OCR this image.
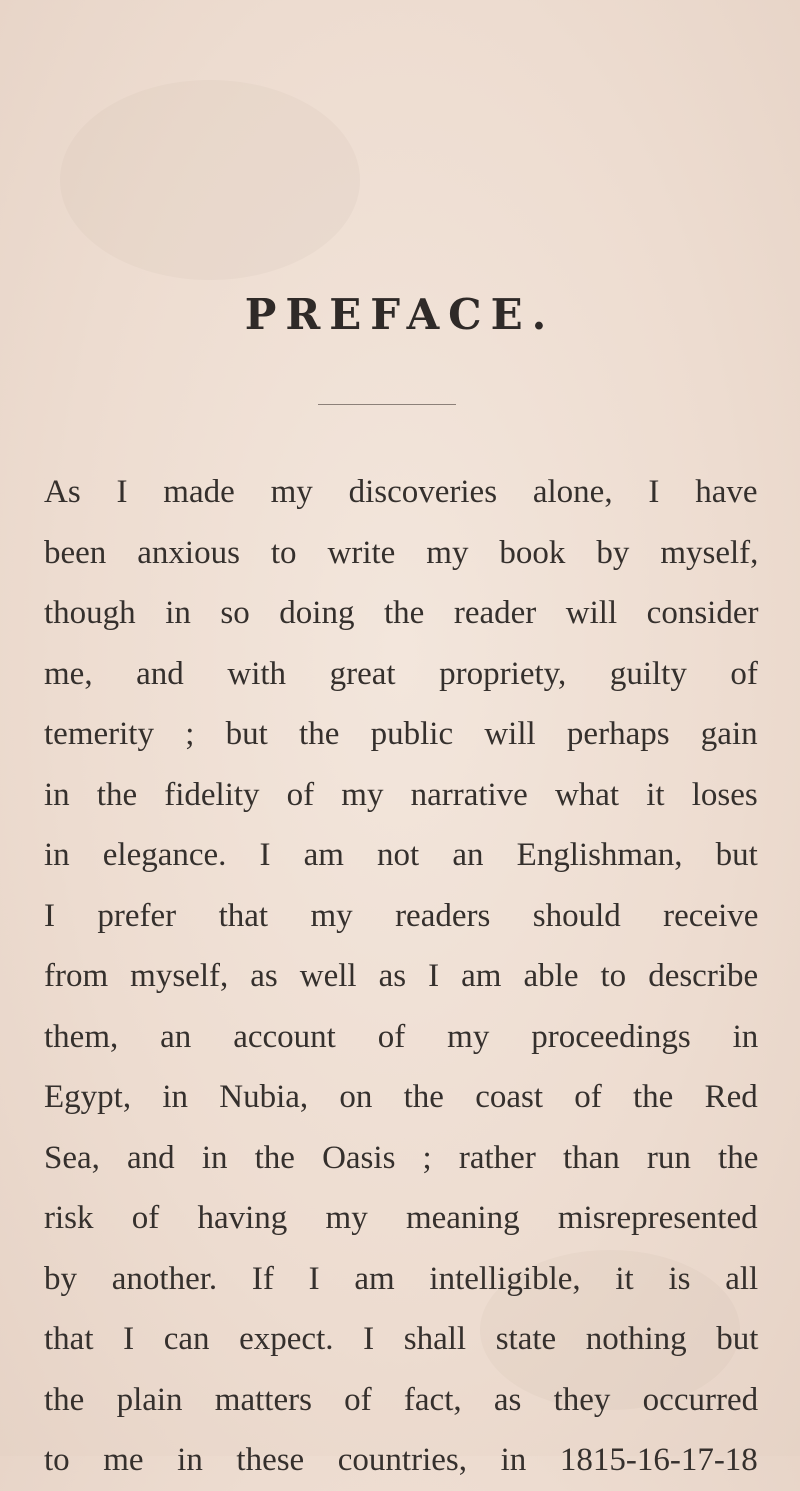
PREFACE.
As I made my discoveries alone, I have
been anxious to write my book by myself,
though in so doing the reader will consider
me, and with great propriety, guilty of
temerity ; but the public will perhaps gain
in the fidelity of my narrative what it loses
in elegance. I am not an Englishman, but
I prefer that my readers should receive
from myself, as well as I am able to describe
them, an account of my proceedings in
Egypt, in Nubia, on the coast of the Red
Sea, and in the Oasis ; rather than run the
risk of having my meaning misrepresented
by another. If I am intelligible, it is all
that I can expect. I shall state nothing but
the plain matters of fact, as they occurred
to me in these countries, in 1815-16-17-18
